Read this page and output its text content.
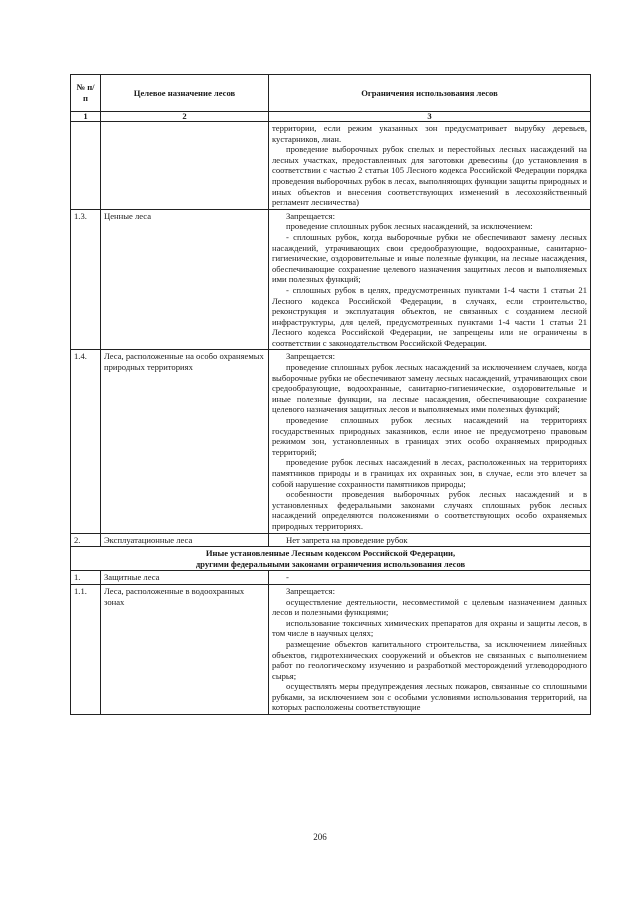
№ п/п	Целевое назначение лесов	Ограничения использования лесов
1	2	3

		территории, если режим указанных зон предусматривает вырубку деревьев, кустарников, лиан.

проведение выборочных рубок спелых и перестойных лесных насаждений на лесных участках, предоставленных для заготовки древесины (до установления в соответствии с частью 2 статьи 105 Лесного кодекса Российской Федерации порядка проведения выборочных рубок в лесах, выполняющих функции защиты природных и иных объектов и внесения соответствующих изменений в лесохозяйственный регламент лесничества)

1.3.	Ценные леса	Запрещается:

проведение сплошных рубок лесных насаждений, за исключением:

- сплошных рубок, когда выборочные рубки не обеспечивают замену лесных насаждений, утрачивающих свои средообразующие, водоохранные, санитарно-гигиенические, оздоровительные и иные полезные функции, на лесные насаждения, обеспечивающие сохранение целевого назначения защитных лесов и выполняемых ими полезных функций;

- сплошных рубок в целях, предусмотренных пунктами 1-4 части 1 статьи 21 Лесного кодекса Российской Федерации, в случаях, если строительство, реконструкция и эксплуатация объектов, не связанных с созданием лесной инфраструктуры, для целей, предусмотренных пунктами 1-4 части 1 статьи 21 Лесного кодекса Российской Федерации, не запрещены или не ограничены в соответствии с законодательством Российской Федерации.

1.4.	Леса, расположенные на особо охраняемых природных территориях	Запрещается:

проведение сплошных рубок лесных насаждений за исключением случаев, когда выборочные рубки не обеспечивают замену лесных насаждений, утрачивающих свои средообразующие, водоохранные, санитарно-гигиенические, оздоровительные и иные полезные функции, на лесные насаждения, обеспечивающие сохранение целевого назначения защитных лесов и выполняемых ими полезных функций;

проведение сплошных рубок лесных насаждений на территориях государственных природных заказников, если иное не предусмотрено правовым режимом зон, установленных в границах этих особо охраняемых природных территорий;

проведение рубок лесных насаждений в лесах, расположенных на территориях памятников природы и в границах их охранных зон, в случае, если это влечет за собой нарушение сохранности памятников природы;

особенности проведения выборочных рубок лесных насаждений и в установленных федеральными законами случаях сплошных рубок лесных насаждений определяются положениями о соответствующих особо охраняемых природных территориях.

2.	Эксплуатационные леса	Нет запрета на проведение рубок

Иные установленные Лесным кодексом Российской Федерации,
другими федеральными законами ограничения использования лесов		

1.	Защитные леса	-

1.1.	Леса, расположенные в водоохранных зонах	Запрещается:

осуществление деятельности, несовместимой с целевым назначением данных лесов и полезными функциями;

использование токсичных химических препаратов для охраны и защиты лесов, в том числе в научных целях;

размещение объектов капитального строительства, за исключением линейных объектов, гидротехнических сооружений и объектов не связанных с выполнением работ по геологическому изучению и разработкой месторождений углеводородного сырья;

осуществлять меры предупреждения лесных пожаров, связанные со сплошными рубками, за исключением зон с особыми условиями использования территорий, на которых расположены соответствующие

206
